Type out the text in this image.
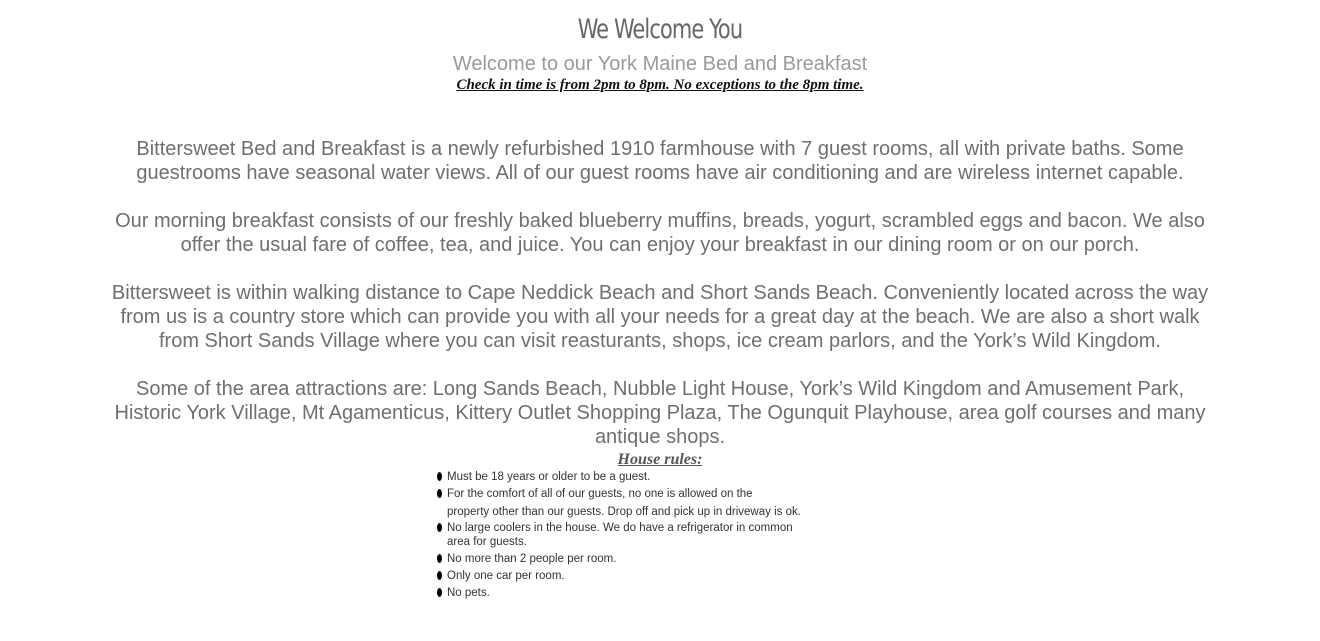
We Welcome You
Welcome to our York Maine Bed and Breakfast
Check in time is from 2pm to 8pm. No exceptions to the 8pm time.

Bittersweet Bed and Breakfast is a newly refurbished 1910 farmhouse with 7 guest rooms, all with private baths. Some guestrooms have seasonal water views. All of our guest rooms have air conditioning and are wireless internet capable.

Our morning breakfast consists of our freshly baked blueberry muffins, breads, yogurt, scrambled eggs and bacon. We also offer the usual fare of coffee, tea, and juice. You can enjoy your breakfast in our dining room or on our porch.

Bittersweet is within walking distance to Cape Neddick Beach and Short Sands Beach. Conveniently located across the way from us is a country store which can provide you with all your needs for a great day at the beach. We are also a short walk from Short Sands Village where you can visit reasturants, shops, ice cream parlors, and the York’s Wild Kingdom.

Some of the area attractions are: Long Sands Beach, Nubble Light House, York’s Wild Kingdom and Amusement Park, Historic York Village, Mt Agamenticus, Kittery Outlet Shopping Plaza, The Ogunquit Playhouse, area golf courses and many antique shops.

House rules:
Must be 18 years or older to be a guest.
For the comfort of all of our guests, no one is allowed on the
property other than our guests. Drop off and pick up in driveway is ok.
No large coolers in the house. We do have a refrigerator in common
area for guests.
No more than 2 people per room.
Only one car per room.
No pets.
